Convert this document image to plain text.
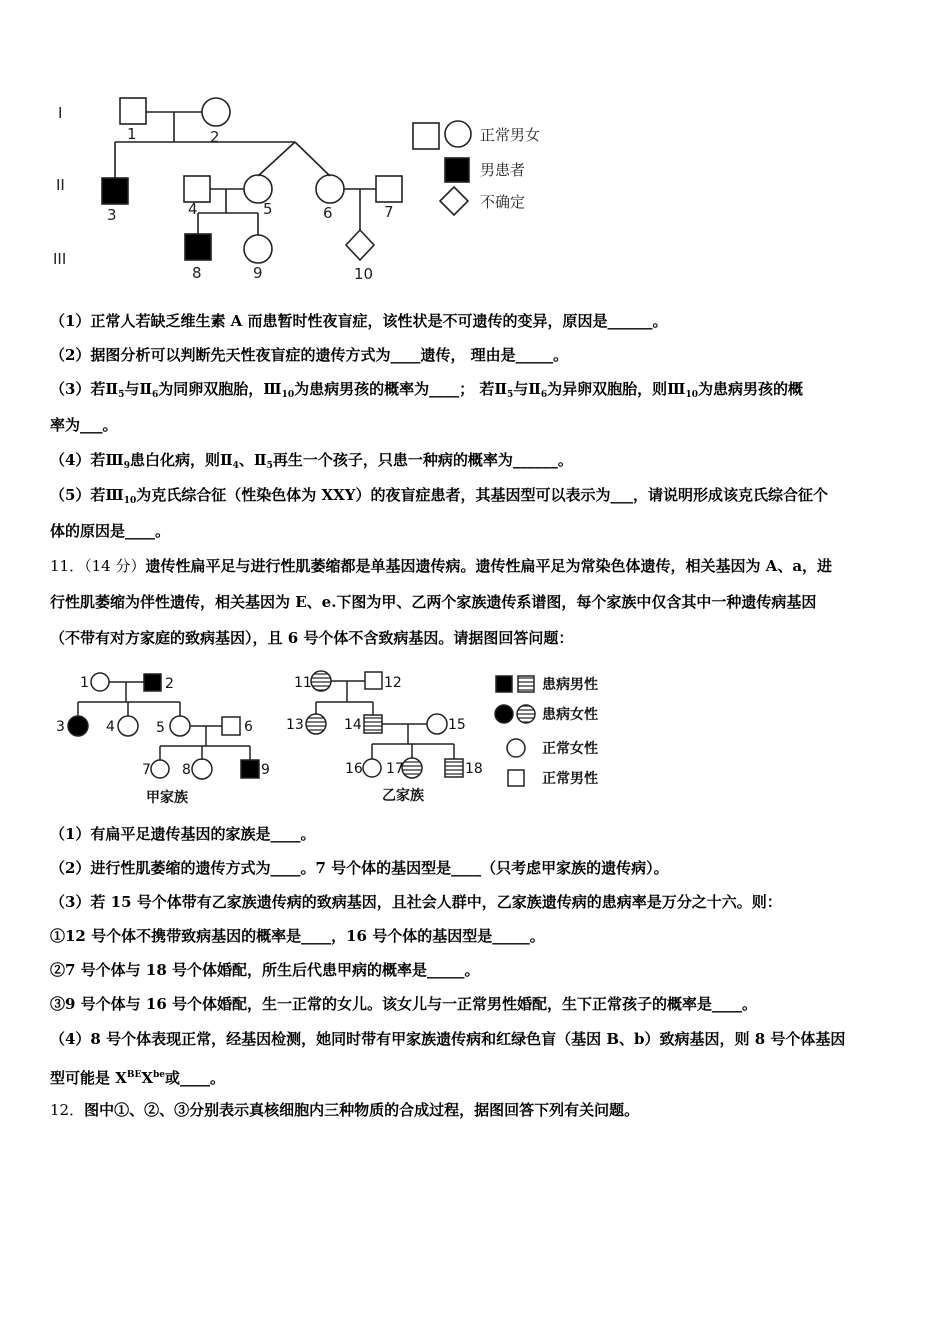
I
II
III
1	2
3	4	5	6	7
8	9	10
正常男女
男患者
不确定
（1）正常人若缺乏维生素 A 而患暂时性夜盲症，该性状是不可遗传的变异，原因是______。
（2）据图分析可以判断先天性夜盲症的遗传方式为____遗传， 理由是_____。
（3）若$Ⅱ_5$与$Ⅱ_6$为同卵双胞胎，$Ⅲ_{10}$为患病男孩的概率为____； 若$Ⅱ_5$与$Ⅱ_6$为异卵双胞胎，则$Ⅲ_{10}$为患病男孩的概
率为___。
（4）若$Ⅲ_9$患白化病，则$Ⅱ_4$、$Ⅱ_5$再生一个孩子，只患一种病的概率为______。
（5）若$Ⅲ_{10}$为克氏综合征（性染色体为 XXY）的夜盲症患者，其基因型可以表示为___，请说明形成该克氏综合征个
体的原因是____。
11．（14 分）遗传性扁平足与进行性肌萎缩都是单基因遗传病。遗传性扁平足为常染色体遗传，相关基因为 A、a，进
行性肌萎缩为伴性遗传，相关基因为 E、e.下图为甲、乙两个家族遗传系谱图，每个家族中仅含其中一种遗传病基因
（不带有对方家庭的致病基因），且 6 号个体不含致病基因。请据图回答问题：
1	2
3	4	5	6
7 8	9
11	12
13	14	15
16 17	18
甲家族	乙家族
患病男性
患病女性
正常女性
正常男性
（1）有扁平足遗传基因的家族是____。
（2）进行性肌萎缩的遗传方式为____。7 号个体的基因型是____（只考虑甲家族的遗传病）。
（3）若 15 号个体带有乙家族遗传病的致病基因，且社会人群中，乙家族遗传病的患病率是万分之十六。则：
①12 号个体不携带致病基因的概率是____，16 号个体的基因型是_____。
②7 号个体与 18 号个体婚配，所生后代患甲病的概率是_____。
③9 号个体与 16 号个体婚配，生一正常的女儿。该女儿与一正常男性婚配，生下正常孩子的概率是____。
（4）8 号个体表现正常，经基因检测，她同时带有甲家族遗传病和红绿色盲（基因 B、b）致病基因，则 8 号个体基因
型可能是 $X^{BE}X^{be}$或____。
12．图中①、②、③分别表示真核细胞内三种物质的合成过程，据图回答下列有关问题。
